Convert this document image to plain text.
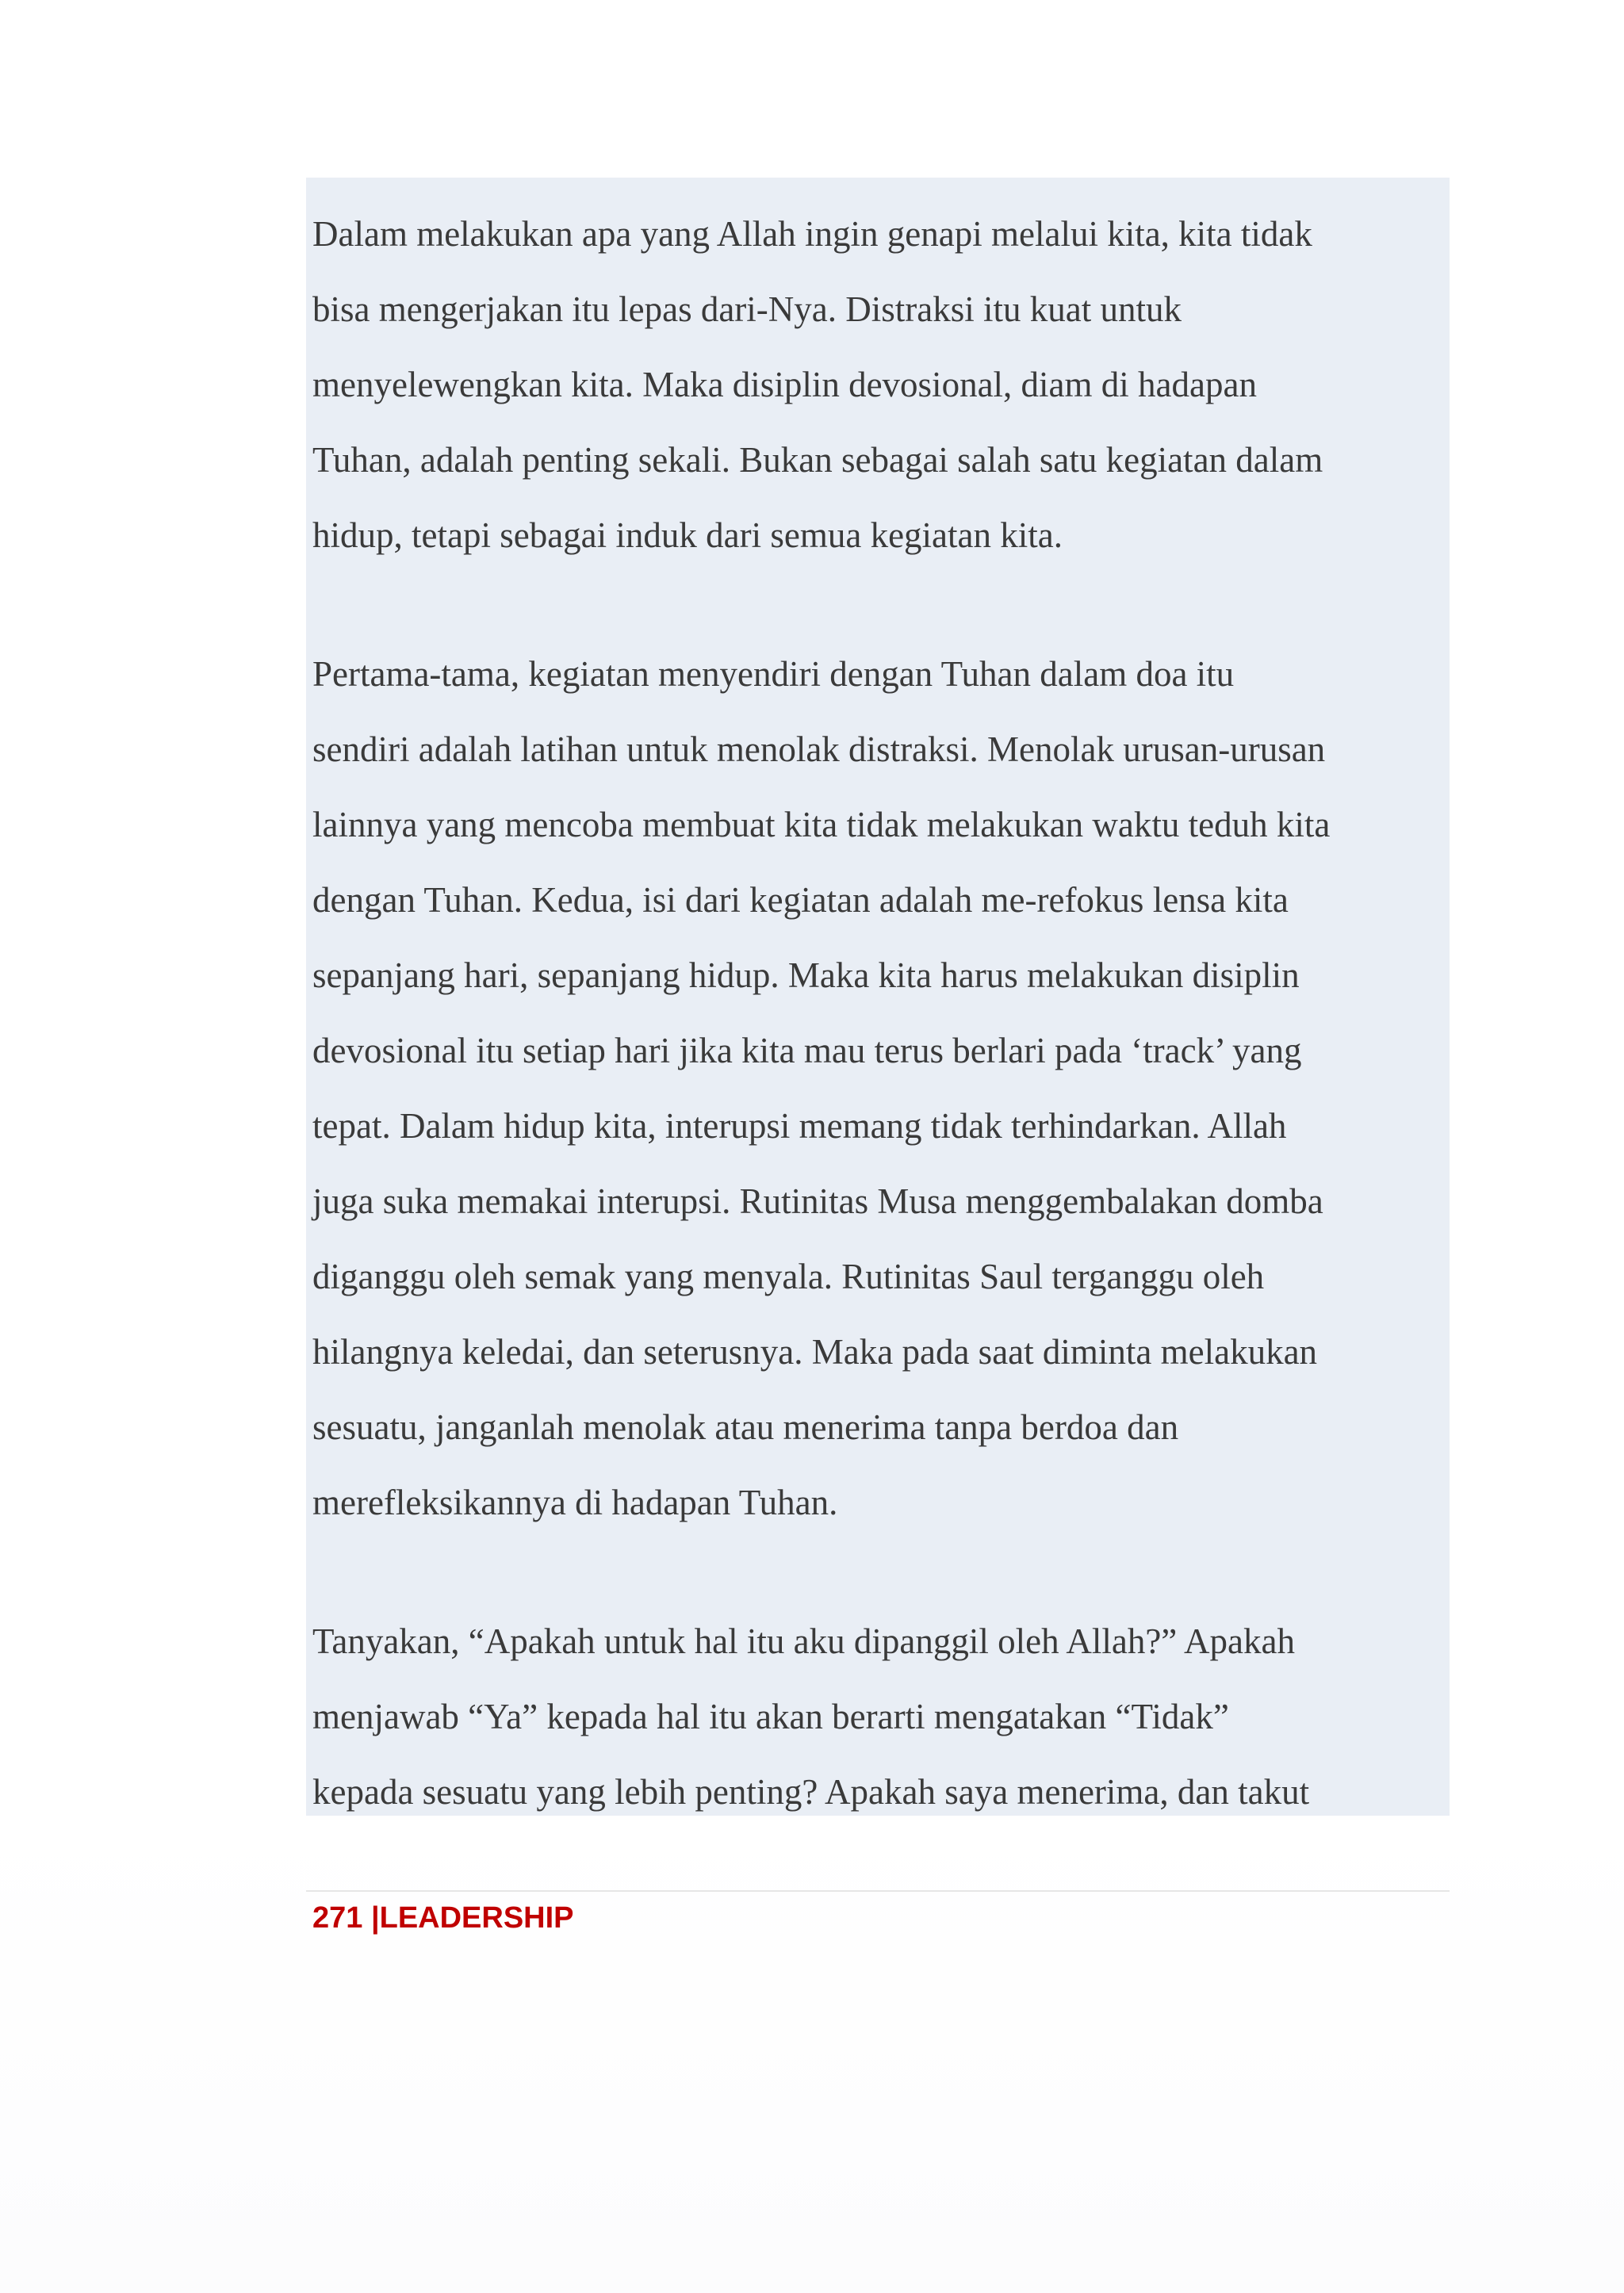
Dalam melakukan apa yang Allah ingin genapi melalui kita, kita tidak
bisa mengerjakan itu lepas dari-Nya. Distraksi itu kuat untuk
menyelewengkan kita. Maka disiplin devosional, diam di hadapan
Tuhan, adalah penting sekali. Bukan sebagai salah satu kegiatan dalam
hidup, tetapi sebagai induk dari semua kegiatan kita.

Pertama-tama, kegiatan menyendiri dengan Tuhan dalam doa itu
sendiri adalah latihan untuk menolak distraksi. Menolak urusan-urusan
lainnya yang mencoba membuat kita tidak melakukan waktu teduh kita
dengan Tuhan. Kedua, isi dari kegiatan adalah me-refokus lensa kita
sepanjang hari, sepanjang hidup. Maka kita harus melakukan disiplin
devosional itu setiap hari jika kita mau terus berlari pada ‘track’ yang
tepat. Dalam hidup kita, interupsi memang tidak terhindarkan. Allah
juga suka memakai interupsi. Rutinitas Musa menggembalakan domba
diganggu oleh semak yang menyala. Rutinitas Saul terganggu oleh
hilangnya keledai, dan seterusnya. Maka pada saat diminta melakukan
sesuatu, janganlah menolak atau menerima tanpa berdoa dan
merefleksikannya di hadapan Tuhan.

Tanyakan, “Apakah untuk hal itu aku dipanggil oleh Allah?” Apakah
menjawab “Ya” kepada hal itu akan berarti mengatakan “Tidak”
kepada sesuatu yang lebih penting? Apakah saya menerima, dan takut

271 |LEADERSHIP
